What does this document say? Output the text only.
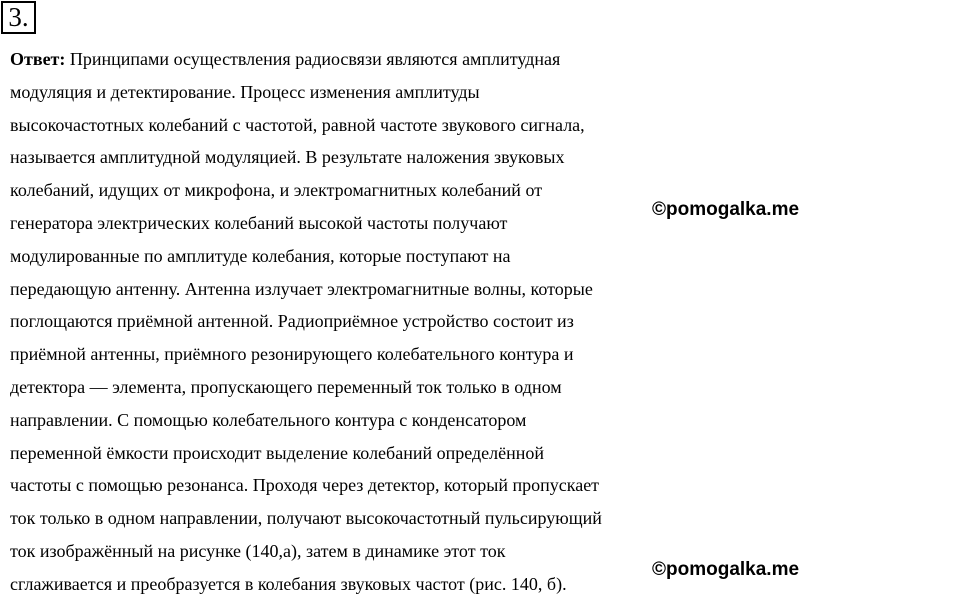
3.
Ответ: Принципами осуществления радиосвязи являются амплитудная
модуляция и детектирование. Процесс изменения амплитуды
высокочастотных колебаний с частотой, равной частоте звукового сигнала,
называется амплитудной модуляцией. В результате наложения звуковых
колебаний, идущих от микрофона, и электромагнитных колебаний от
генератора электрических колебаний высокой частоты получают
модулированные по амплитуде колебания, которые поступают на
передающую антенну. Антенна излучает электромагнитные волны, которые
поглощаются приёмной антенной. Радиоприёмное устройство состоит из
приёмной антенны, приёмного резонирующего колебательного контура и
детектора — элемента, пропускающего переменный ток только в одном
направлении. С помощью колебательного контура с конденсатором
переменной ёмкости происходит выделение колебаний определённой
частоты с помощью резонанса. Проходя через детектор, который пропускает
ток только в одном направлении, получают высокочастотный пульсирующий
ток изображённый на рисунке (140,а), затем в динамике этот ток
сглаживается и преобразуется в колебания звуковых частот (рис. 140, б).
©pomogalka.me
©pomogalka.me
